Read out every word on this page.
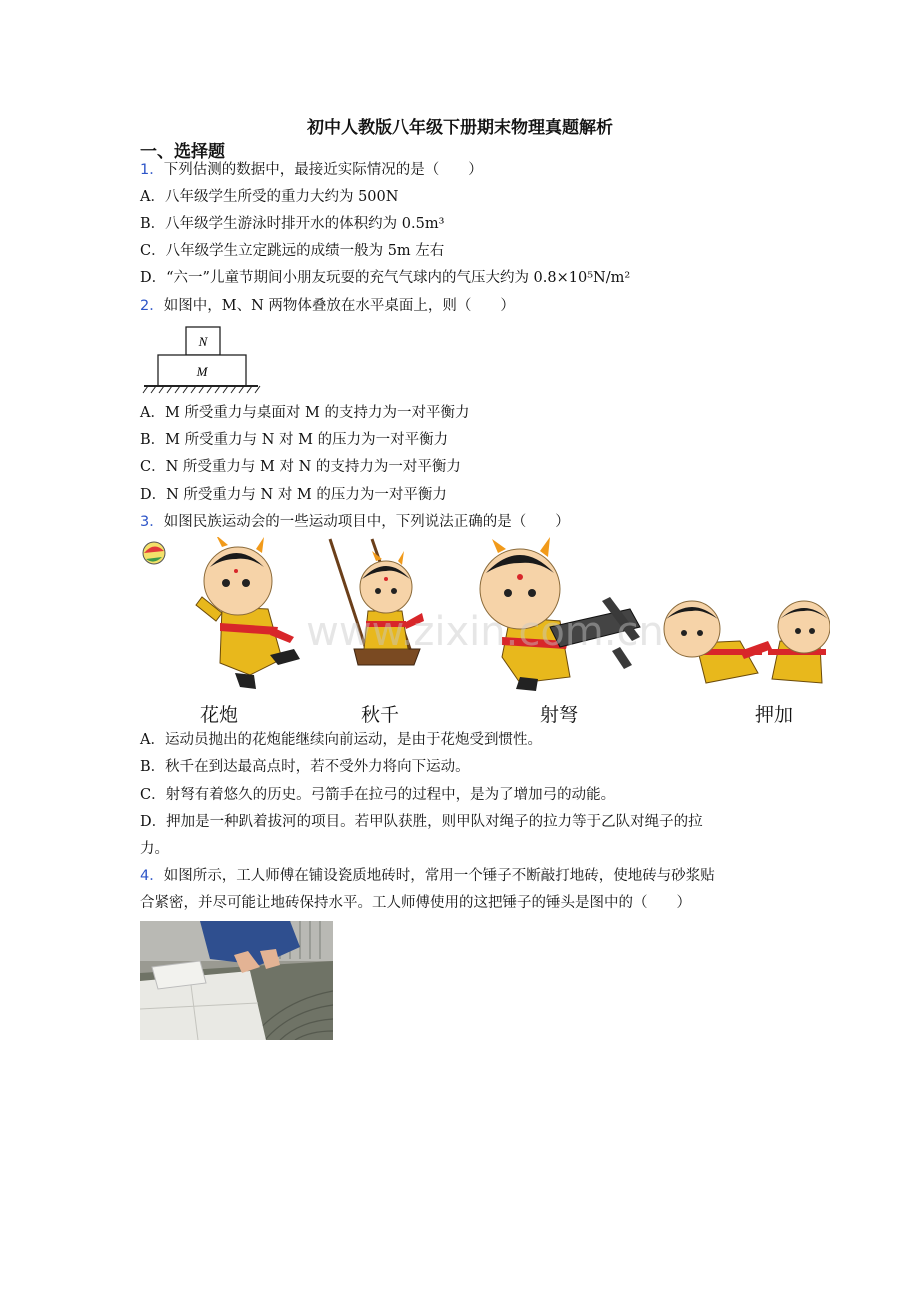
初中人教版八年级下册期末物理真题解析
一、选择题
1．下列估测的数据中，最接近实际情况的是（　　）
A．八年级学生所受的重力大约为 500N
B．八年级学生游泳时排开水的体积约为 0.5m³
C．八年级学生立定跳远的成绩一般为 5m 左右
D．“六一”儿童节期间小朋友玩耍的充气气球内的气压大约为 0.8×10⁵N/m²
2．如图中，M、N 两物体叠放在水平桌面上，则（　　）
N
M
A．M 所受重力与桌面对 M 的支持力为一对平衡力
B．M 所受重力与 N 对 M 的压力为一对平衡力
C．N 所受重力与 M 对 N 的支持力为一对平衡力
D．N 所受重力与 N 对 M 的压力为一对平衡力
3．如图民族运动会的一些运动项目中，下列说法正确的是（　　）
www.zixin.com.cn
花炮	秋千	射弩	押加
A．运动员抛出的花炮能继续向前运动，是由于花炮受到惯性。
B．秋千在到达最高点时，若不受外力将向下运动。
C．射弩有着悠久的历史。弓箭手在拉弓的过程中，是为了增加弓的动能。
D．押加是一种趴着拔河的项目。若甲队获胜，则甲队对绳子的拉力等于乙队对绳子的拉
力。
4．如图所示，工人师傅在铺设瓷质地砖时，常用一个锤子不断敲打地砖，使地砖与砂浆贴
合紧密，并尽可能让地砖保持水平。工人师傅使用的这把锤子的锤头是图中的（　　）
